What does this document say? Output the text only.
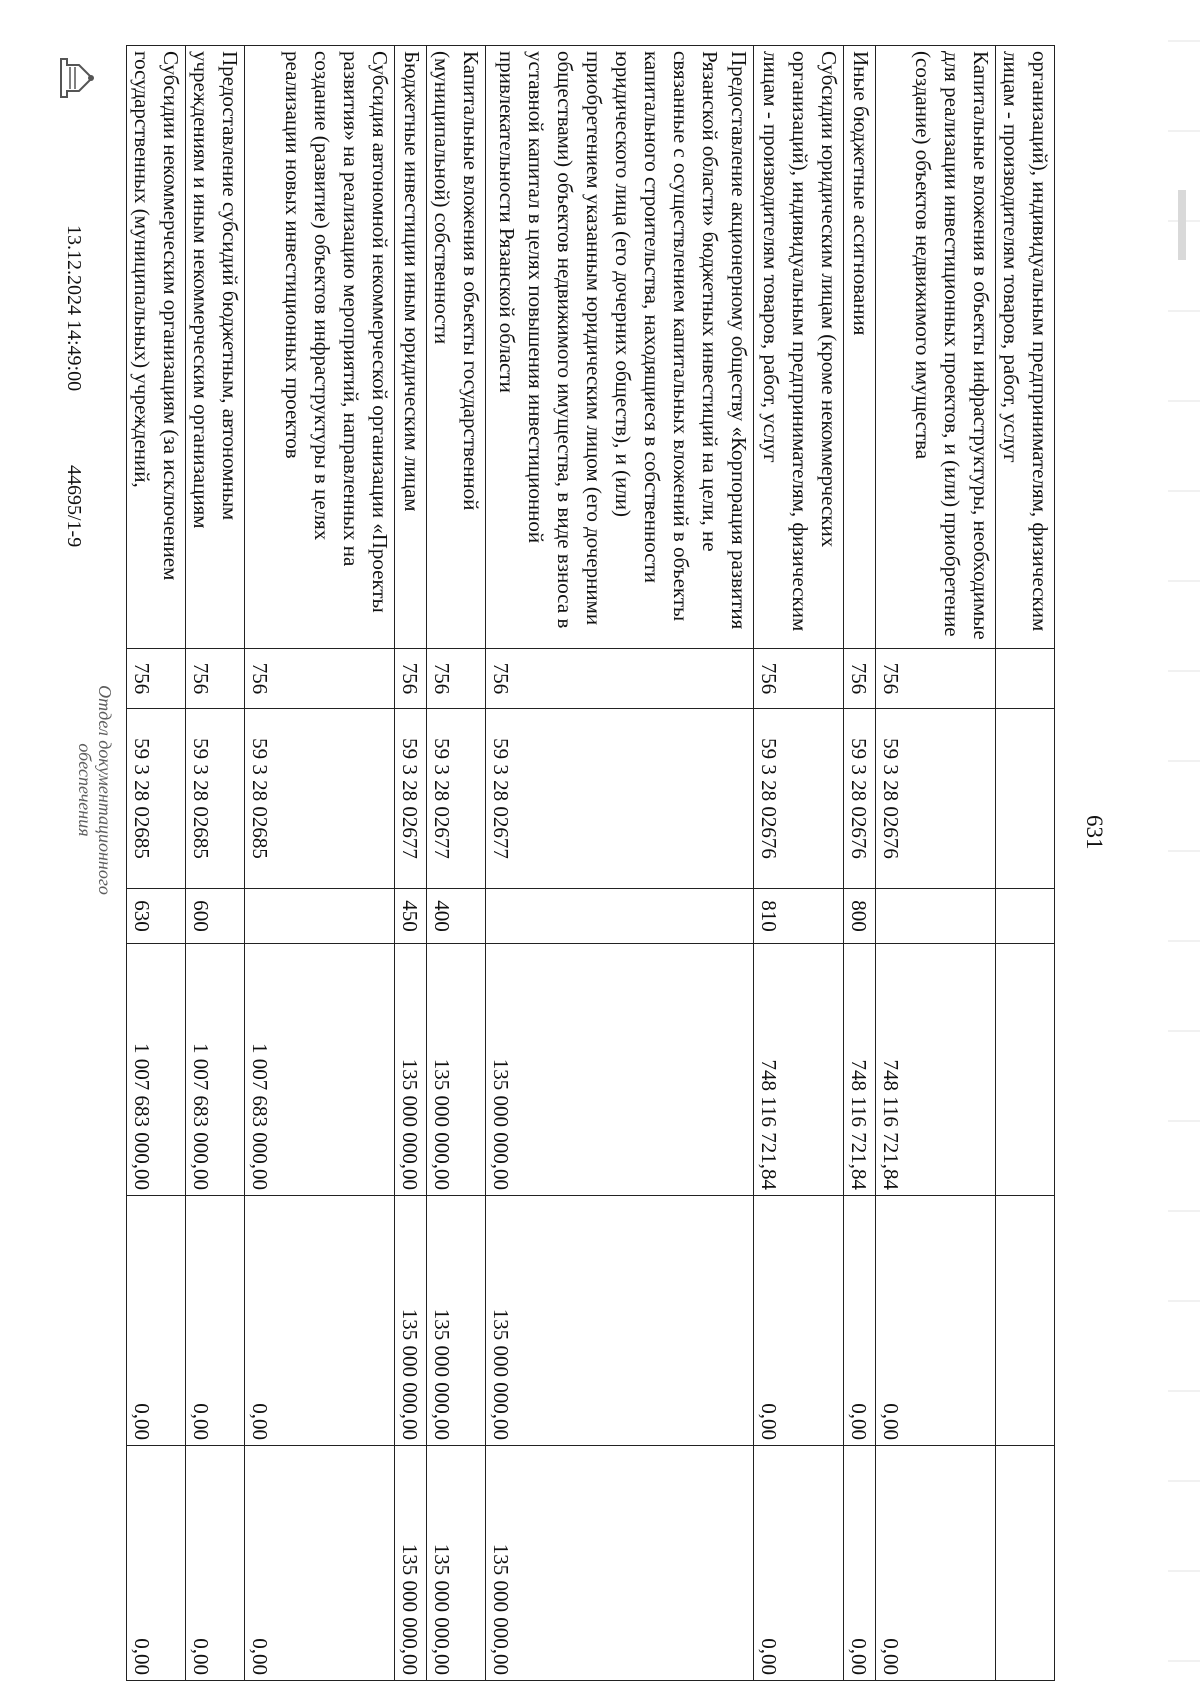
631
организаций), индивидуальным предпринимателям, физическим лицам - производителям товаров, работ, услуг						
Капитальные вложения в объекты инфраструктуры, необходимые для реализации инвестиционных проектов, и (или) приобретение (создание) объектов недвижимого имущества	756	59 3 28 02676		748 116 721,84	0,00	0,00
Иные бюджетные ассигнования	756	59 3 28 02676	800	748 116 721,84	0,00	0,00
Субсидии юридическим лицам (кроме некоммерческих организаций), индивидуальным предпринимателям, физическим лицам - производителям товаров, работ, услуг	756	59 3 28 02676	810	748 116 721,84	0,00	0,00
Предоставление акционерному обществу «Корпорация развития Рязанской области» бюджетных инвестиций на цели, не связанные с осуществлением капитальных вложений в объекты капитального строительства, находящиеся в собственности юридического лица (его дочерних обществ), и (или) приобретением указанным юридическим лицом (его дочерними обществами) объектов недвижимого имущества, в виде взноса в уставной капитал в целях повышения инвестиционной привлекательности Рязанской области	756	59 3 28 02677		135 000 000,00	135 000 000,00	135 000 000,00
Капитальные вложения в объекты государственной (муниципальной) собственности	756	59 3 28 02677	400	135 000 000,00	135 000 000,00	135 000 000,00
Бюджетные инвестиции иным юридическим лицам	756	59 3 28 02677	450	135 000 000,00	135 000 000,00	135 000 000,00
Субсидия автономной некоммерческой организации «Проекты развития» на реализацию мероприятий, направленных на создание (развитие) объектов инфраструктуры в целях реализации новых инвестиционных проектов	756	59 3 28 02685		1 007 683 000,00	0,00	0,00
Предоставление субсидий бюджетным, автономным учреждениям и иным некоммерческим организациям	756	59 3 28 02685	600	1 007 683 000,00	0,00	0,00
Субсидии некоммерческим организациям (за исключением государственных (муниципальных) учреждений,	756	59 3 28 02685	630	1 007 683 000,00	0,00	0,00
13.12.2024 14:49:00
44695/1-9
Отдел документационного
обеспечения
